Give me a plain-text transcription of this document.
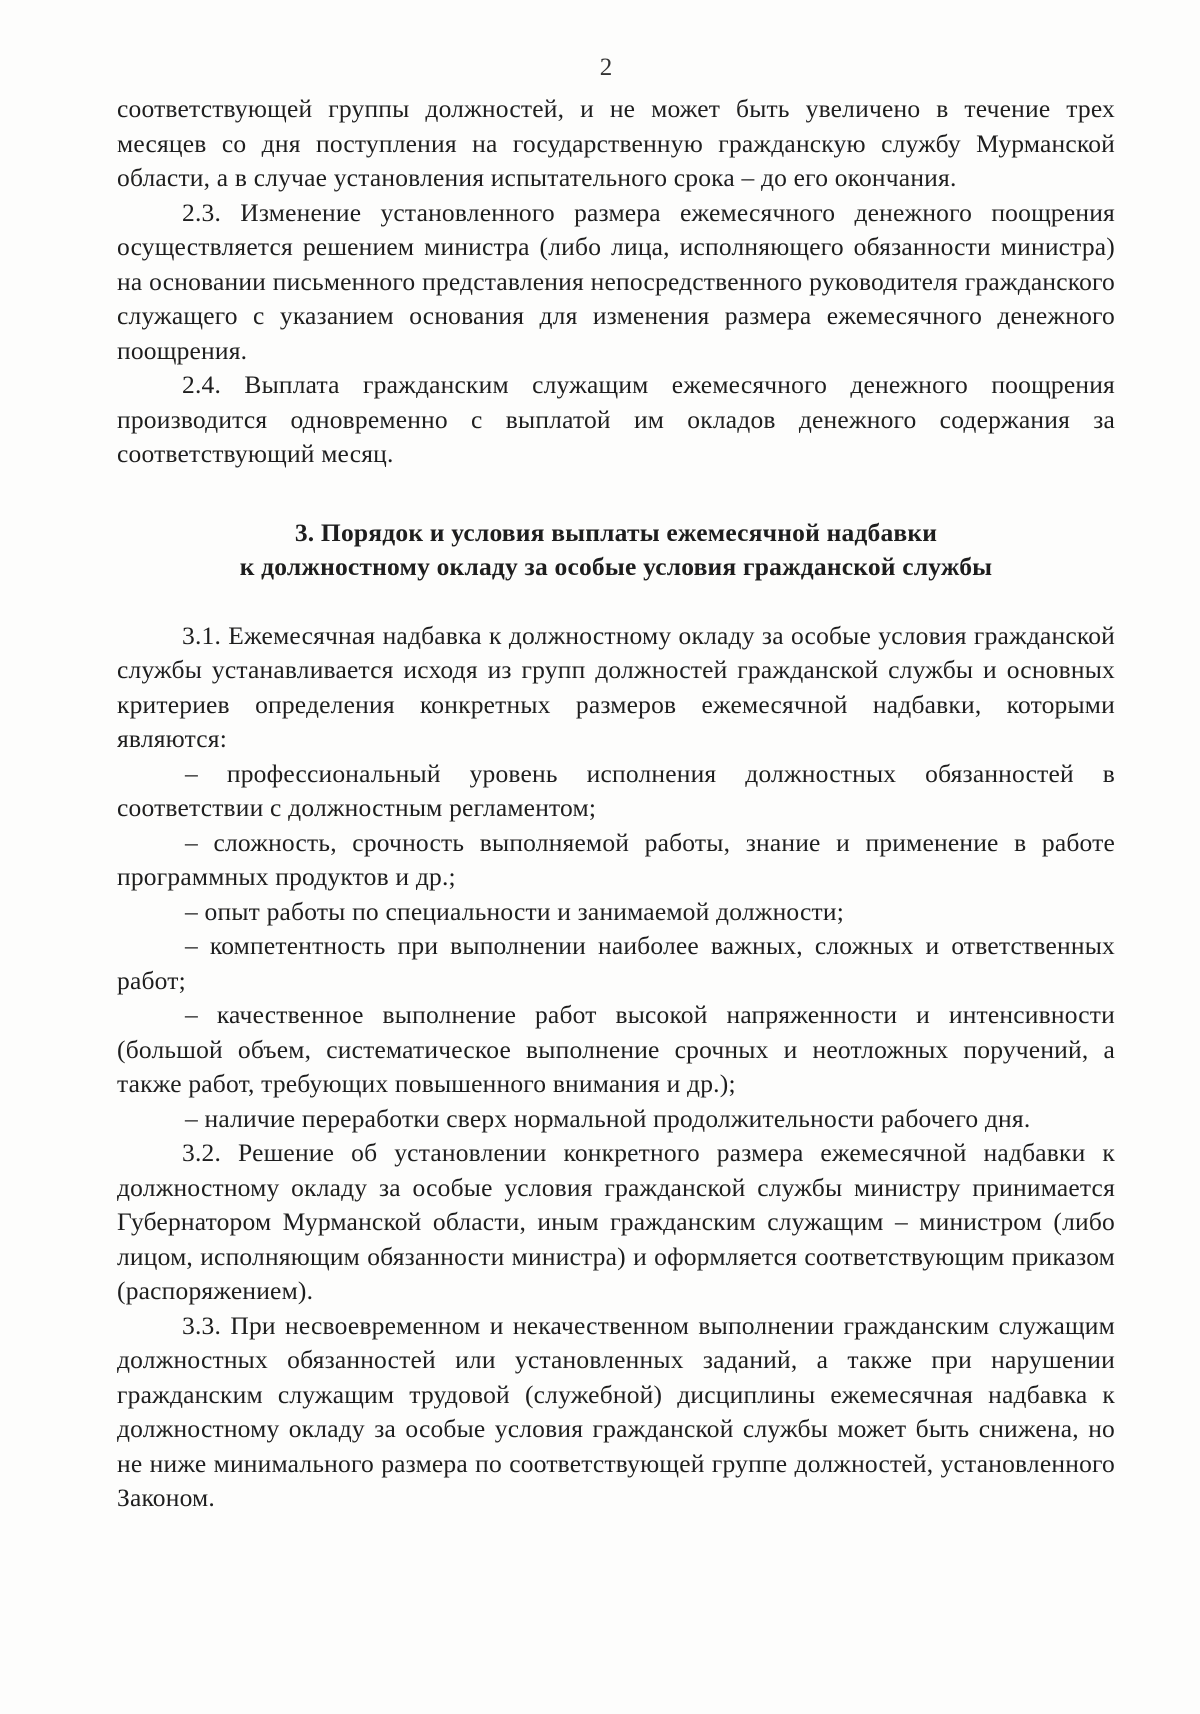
2

соответствующей группы должностей, и не может быть увеличено в течение трех месяцев со дня поступления на государственную гражданскую службу Мурманской области, а в случае установления испытательного срока – до его окончания.

2.3. Изменение установленного размера ежемесячного денежного поощрения осуществляется решением министра (либо лица, исполняющего обязанности министра) на основании письменного представления непосредственного руководителя гражданского служащего с указанием основания для изменения размера ежемесячного денежного поощрения.

2.4. Выплата гражданским служащим ежемесячного денежного поощрения производится одновременно с выплатой им окладов денежного содержания за соответствующий месяц.

3. Порядок и условия выплаты ежемесячной надбавки
к должностному окладу за особые условия гражданской службы

3.1. Ежемесячная надбавка к должностному окладу за особые условия гражданской службы устанавливается исходя из групп должностей гражданской службы и основных критериев определения конкретных размеров ежемесячной надбавки, которыми являются:

– профессиональный уровень исполнения должностных обязанностей в соответствии с должностным регламентом;

– сложность, срочность выполняемой работы, знание и применение в работе программных продуктов и др.;

– опыт работы по специальности и занимаемой должности;

– компетентность при выполнении наиболее важных, сложных и ответственных работ;

– качественное выполнение работ высокой напряженности и интенсивности (большой объем, систематическое выполнение срочных и неотложных поручений, а также работ, требующих повышенного внимания и др.);

– наличие переработки сверх нормальной продолжительности рабочего дня.

3.2. Решение об установлении конкретного размера ежемесячной надбавки к должностному окладу за особые условия гражданской службы министру принимается Губернатором Мурманской области, иным гражданским служащим – министром (либо лицом, исполняющим обязанности министра) и оформляется соответствующим приказом (распоряжением).

3.3. При несвоевременном и некачественном выполнении гражданским служащим должностных обязанностей или установленных заданий, а также при нарушении гражданским служащим трудовой (служебной) дисциплины ежемесячная надбавка к должностному окладу за особые условия гражданской службы может быть снижена, но не ниже минимального размера по соответствующей группе должностей, установленного Законом.
